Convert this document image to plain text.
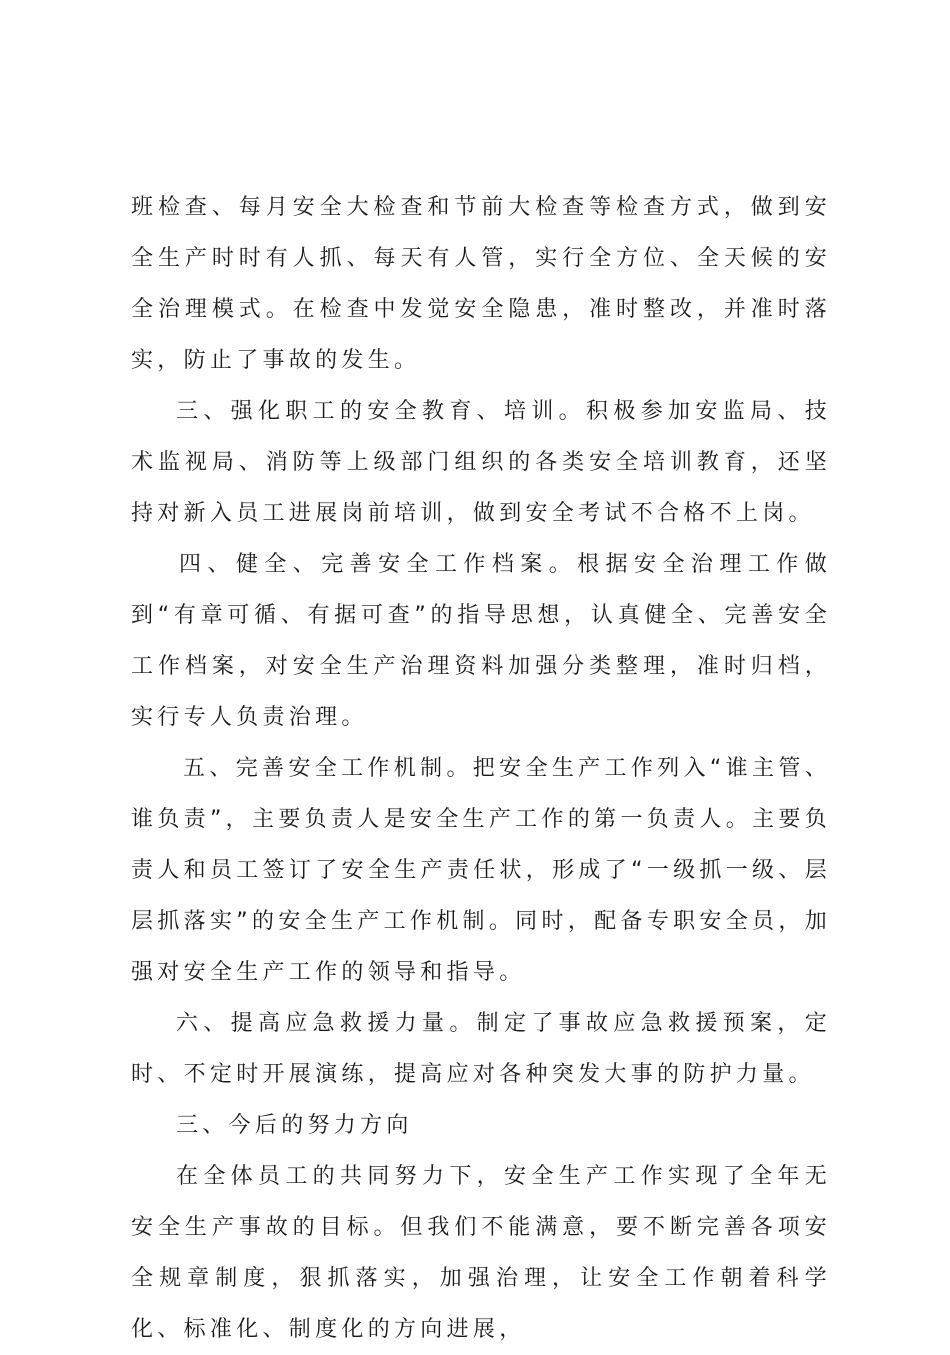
班检查、每月安全大检查和节前大检查等检查方式，做到安全生产时时有人抓、每天有人管，实行全方位、全天候的安全治理模式。在检查中发觉安全隐患，准时整改，并准时落实，防止了事故的发生。

三、强化职工的安全教育、培训。积极参加安监局、技术监视局、消防等上级部门组织的各类安全培训教育，还坚持对新入员工进展岗前培训，做到安全考试不合格不上岗。

四、健全、完善安全工作档案。根据安全治理工作做到“有章可循、有据可查”的指导思想，认真健全、完善安全工作档案，对安全生产治理资料加强分类整理，准时归档，实行专人负责治理。

五、完善安全工作机制。把安全生产工作列入“谁主管、谁负责”，主要负责人是安全生产工作的第一负责人。主要负责人和员工签订了安全生产责任状，形成了“一级抓一级、层层抓落实”的安全生产工作机制。同时，配备专职安全员，加强对安全生产工作的领导和指导。

六、提高应急救援力量。制定了事故应急救援预案，定时、不定时开展演练，提高应对各种突发大事的防护力量。

三、今后的努力方向

在全体员工的共同努力下，安全生产工作实现了全年无安全生产事故的目标。但我们不能满意，要不断完善各项安全规章制度，狠抓落实，加强治理，让安全工作朝着科学化、标准化、制度化的方向进展，
